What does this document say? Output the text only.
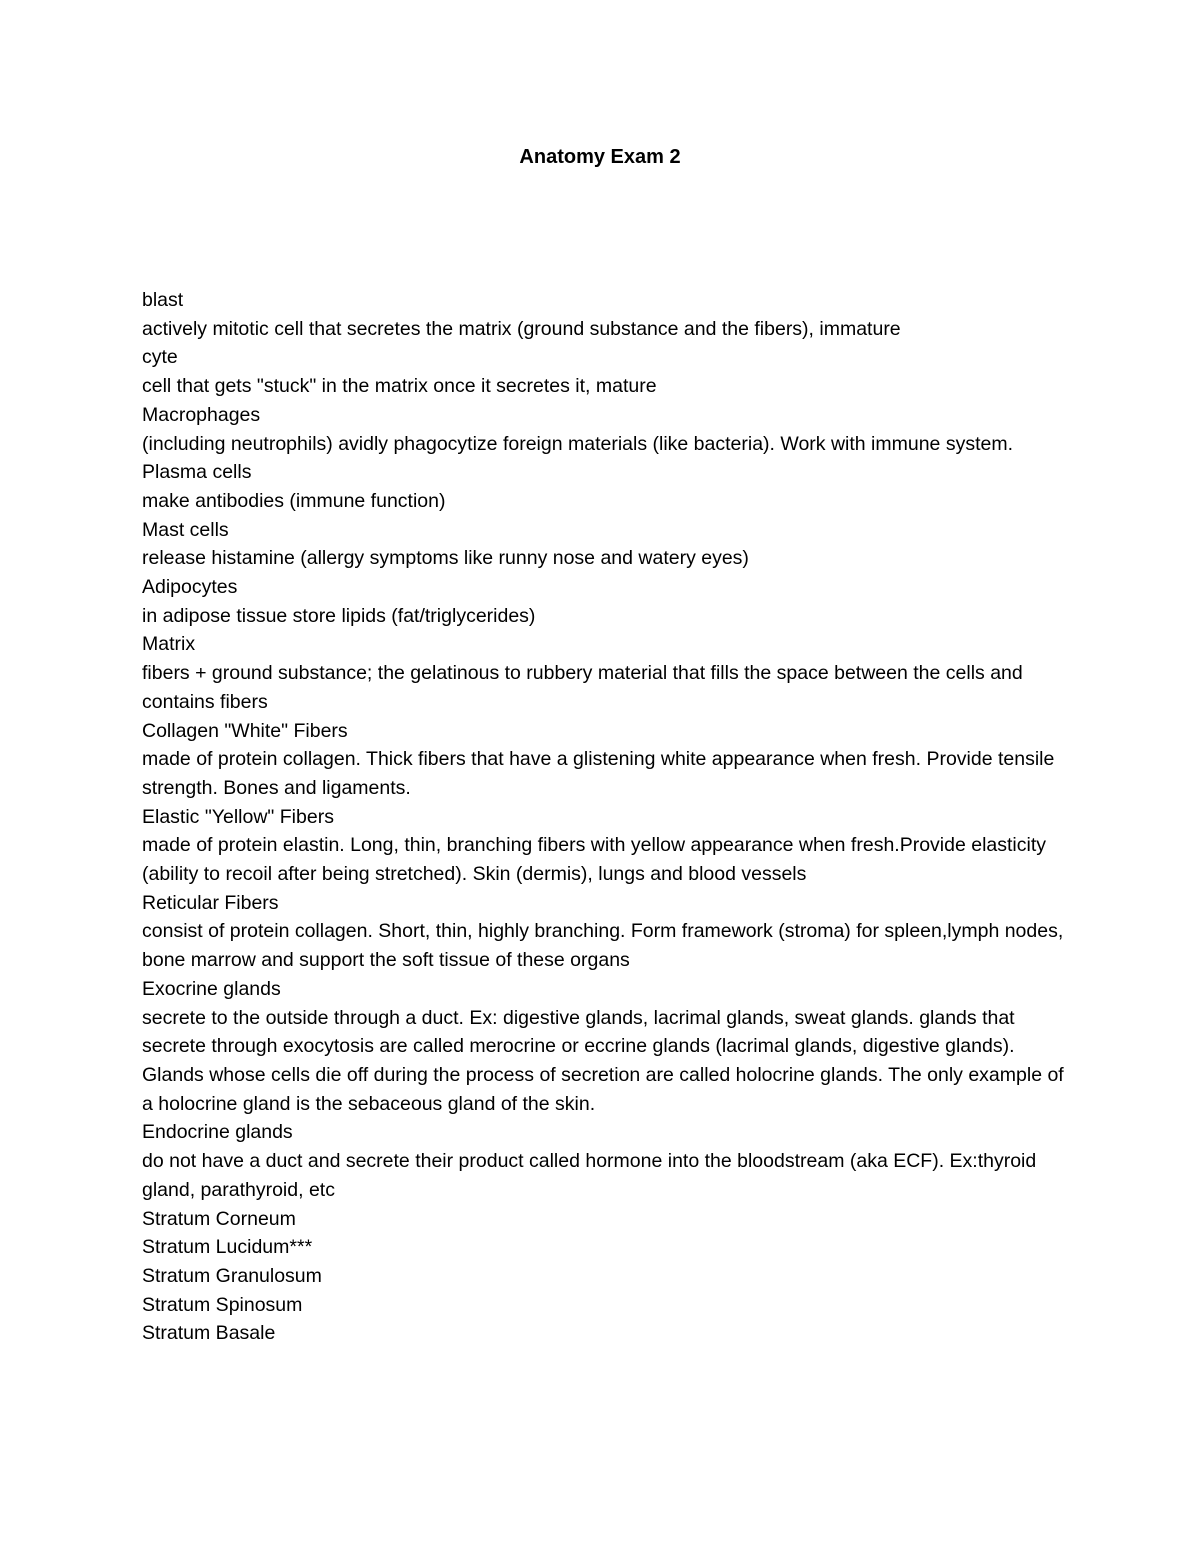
Anatomy Exam 2
blast
actively mitotic cell that secretes the matrix (ground substance and the fibers), immature
cyte
cell that gets "stuck" in the matrix once it secretes it, mature
Macrophages
(including neutrophils) avidly phagocytize foreign materials (like bacteria). Work with immune system.
Plasma cells
make antibodies (immune function)
Mast cells
release histamine (allergy symptoms like runny nose and watery eyes)
Adipocytes
in adipose tissue store lipids (fat/triglycerides)
Matrix
fibers + ground substance; the gelatinous to rubbery material that fills the space between the cells and contains fibers
Collagen "White" Fibers
made of protein collagen. Thick fibers that have a glistening white appearance when fresh. Provide tensile strength. Bones and ligaments.
Elastic "Yellow" Fibers
made of protein elastin. Long, thin, branching fibers with yellow appearance when fresh.Provide elasticity (ability to recoil after being stretched). Skin (dermis), lungs and blood vessels
Reticular Fibers
consist of protein collagen. Short, thin, highly branching. Form framework (stroma) for spleen,lymph nodes, bone marrow and support the soft tissue of these organs
Exocrine glands
secrete to the outside through a duct. Ex: digestive glands, lacrimal glands, sweat glands. glands that secrete through exocytosis are called merocrine or eccrine glands (lacrimal glands, digestive glands). Glands whose cells die off during the process of secretion are called holocrine glands. The only example of a holocrine gland is the sebaceous gland of the skin.
Endocrine glands
do not have a duct and secrete their product called hormone into the bloodstream (aka ECF). Ex:thyroid gland, parathyroid, etc
Stratum Corneum
Stratum Lucidum***
Stratum Granulosum
Stratum Spinosum
Stratum Basale
